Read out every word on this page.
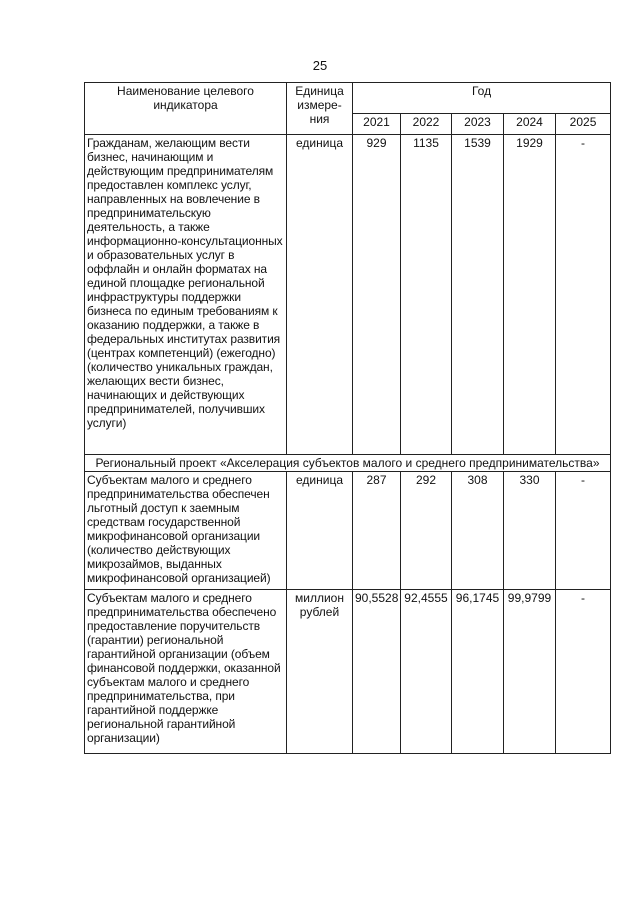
25
Наименование целевого индикатора	Единица измере-ния	Год				
		2021	2022	2023	2024	2025
Гражданам, желающим вести бизнес, начинающим и действующим предпринимателям предоставлен комплекс услуг, направленных на вовлечение в предпринимательскую деятельность, а также информационно-консультационных и образовательных услуг в оффлайн и онлайн форматах на единой площадке региональной инфраструктуры поддержки бизнеса по единым требованиям к оказанию поддержки, а также в федеральных институтах развития (центрах компетенций) (ежегодно) (количество уникальных граждан, желающих вести бизнес, начинающих и действующих предпринимателей, получивших услуги)	единица	929	1135	1539	1929	-
Региональный проект «Акселерация субъектов малого и среднего предпринимательства»						
Субъектам малого и среднего предпринимательства обеспечен льготный доступ к заемным средствам государственной микрофинансовой организации (количество действующих микрозаймов, выданных микрофинансовой организацией)	единица	287	292	308	330	-
Субъектам малого и среднего предпринимательства обеспечено предоставление поручительств (гарантии) региональной гарантийной организации (объем финансовой поддержки, оказанной субъектам малого и среднего предпринимательства, при гарантийной поддержке региональной гарантийной организации)	миллион рублей	90,5528	92,4555	96,1745	99,9799	-
